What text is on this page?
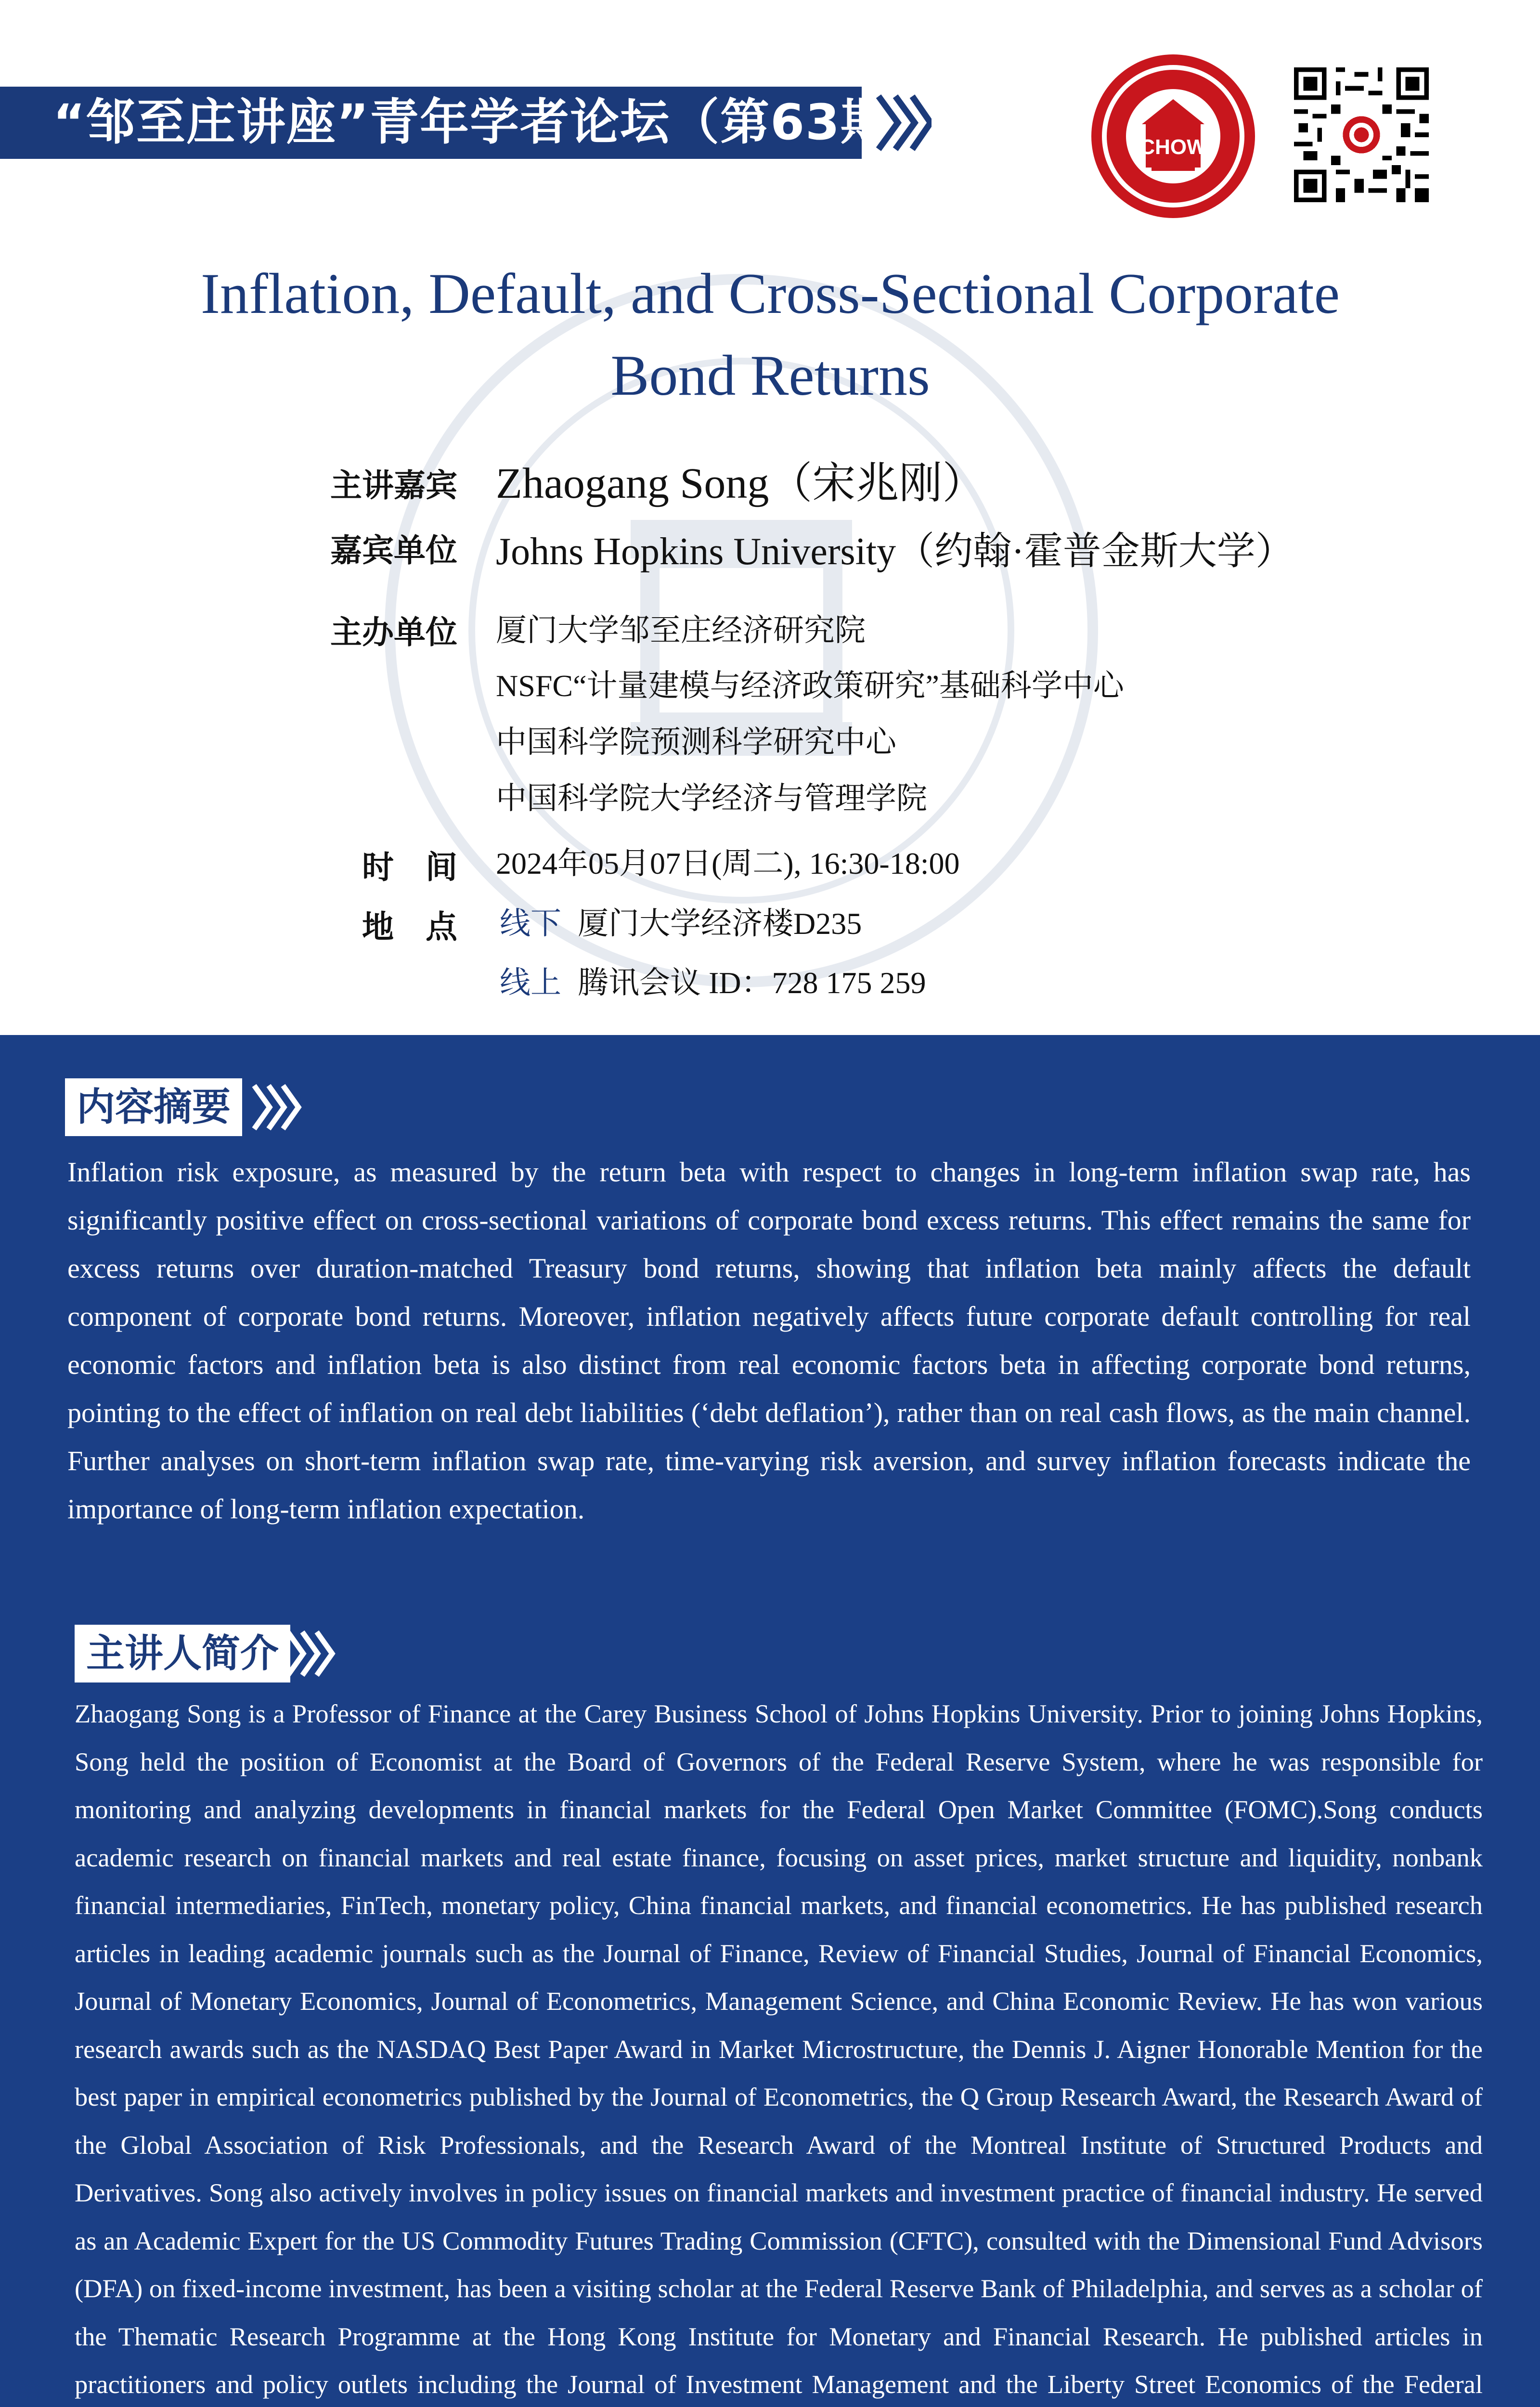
“邹至庄讲座”青年学者论坛（第63期）	CHOW
Inflation, Default, and Cross-Sectional Corporate Bond Returns
主讲嘉宾 Zhaogang Song（宋兆刚）
嘉宾单位 Johns Hopkins University（约翰·霍普金斯大学）
主办单位 厦门大学邹至庄经济研究院
NSFC“计量建模与经济政策研究”基础科学中心
中国科学院预测科学研究中心
中国科学院大学经济与管理学院
时　间 2024年05月07日(周二), 16:30-18:00
地　点 线下 厦门大学经济楼D235
线上 腾讯会议 ID：728 175 259
内容摘要
Inflation risk exposure, as measured by the return beta with respect to changes in long-term inflation swap rate, has significantly positive effect on cross-sectional variations of corporate bond excess returns. This effect remains the same for excess returns over duration-matched Treasury bond returns, showing that inflation beta mainly affects the default component of corporate bond returns. Moreover, inflation negatively affects future corporate default controlling for real economic factors and inflation beta is also distinct from real economic factors beta in affecting corporate bond returns, pointing to the effect of inflation on real debt liabilities (‘debt deflation’), rather than on real cash flows, as the main channel. Further analyses on short-term inflation swap rate, time-varying risk aversion, and survey inflation forecasts indicate the importance of long-term inflation expectation.
主讲人简介
Zhaogang Song is a Professor of Finance at the Carey Business School of Johns Hopkins University. Prior to joining Johns Hopkins, Song held the position of Economist at the Board of Governors of the Federal Reserve System, where he was responsible for monitoring and analyzing developments in financial markets for the Federal Open Market Committee (FOMC).Song conducts academic research on financial markets and real estate finance, focusing on asset prices, market structure and liquidity, nonbank financial intermediaries, FinTech, monetary policy, China financial markets, and financial econometrics. He has published research articles in leading academic journals such as the Journal of Finance, Review of Financial Studies, Journal of Financial Economics, Journal of Monetary Economics, Journal of Econometrics, Management Science, and China Economic Review. He has won various research awards such as the NASDAQ Best Paper Award in Market Microstructure, the Dennis J. Aigner Honorable Mention for the best paper in empirical econometrics published by the Journal of Econometrics, the Q Group Research Award, the Research Award of the Global Association of Risk Professionals, and the Research Award of the Montreal Institute of Structured Products and Derivatives. Song also actively involves in policy issues on financial markets and investment practice of financial industry. He served as an Academic Expert for the US Commodity Futures Trading Commission (CFTC), consulted with the Dimensional Fund Advisors (DFA) on fixed-income investment, has been a visiting scholar at the Federal Reserve Bank of Philadelphia, and serves as a scholar of the Thematic Research Programme at the Hong Kong Institute for Monetary and Financial Research. He published articles in practitioners and policy outlets including the Journal of Investment Management and the Liberty Street Economics of the Federal
